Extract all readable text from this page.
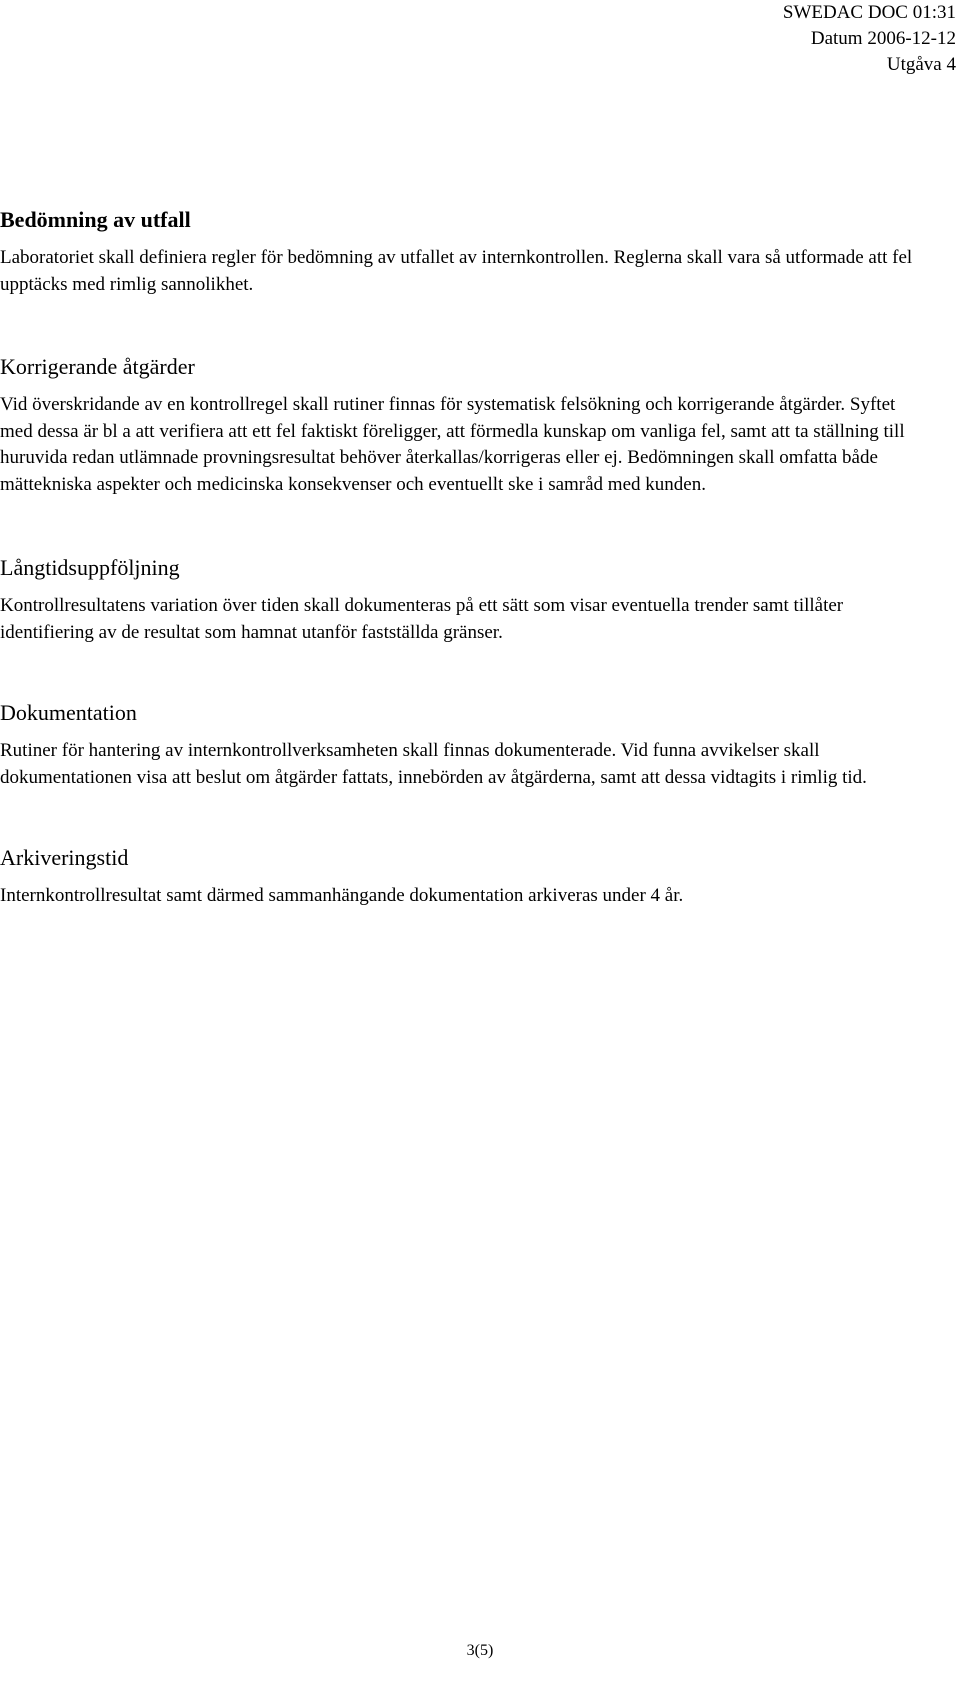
SWEDAC DOC 01:31
Datum 2006-12-12
Utgåva 4
Bedömning av utfall

Laboratoriet skall definiera regler för bedömning av utfallet av internkontrollen. Reglerna skall vara så utformade att fel upptäcks med rimlig sannolikhet.

Korrigerande åtgärder

Vid överskridande av en kontrollregel skall rutiner finnas för systematisk felsökning och korrigerande åtgärder. Syftet med dessa är bl a att verifiera att ett fel faktiskt föreligger, att förmedla kunskap om vanliga fel, samt att ta ställning till huruvida redan utlämnade provningsresultat behöver återkallas/korrigeras eller ej. Bedömningen skall omfatta både mättekniska aspekter och medicinska konsekvenser och eventuellt ske i samråd med kunden.

Långtidsuppföljning

Kontrollresultatens variation över tiden skall dokumenteras på ett sätt som visar eventuella trender samt tillåter identifiering av de resultat som hamnat utanför fastställda gränser.

Dokumentation

Rutiner för hantering av internkontrollverksamheten skall finnas dokumenterade. Vid funna avvikelser skall dokumentationen visa att beslut om åtgärder fattats, innebörden av åtgärderna, samt att dessa vidtagits i rimlig tid.

Arkiveringstid

Internkontrollresultat samt därmed sammanhängande dokumentation arkiveras under 4 år.

3(5)
